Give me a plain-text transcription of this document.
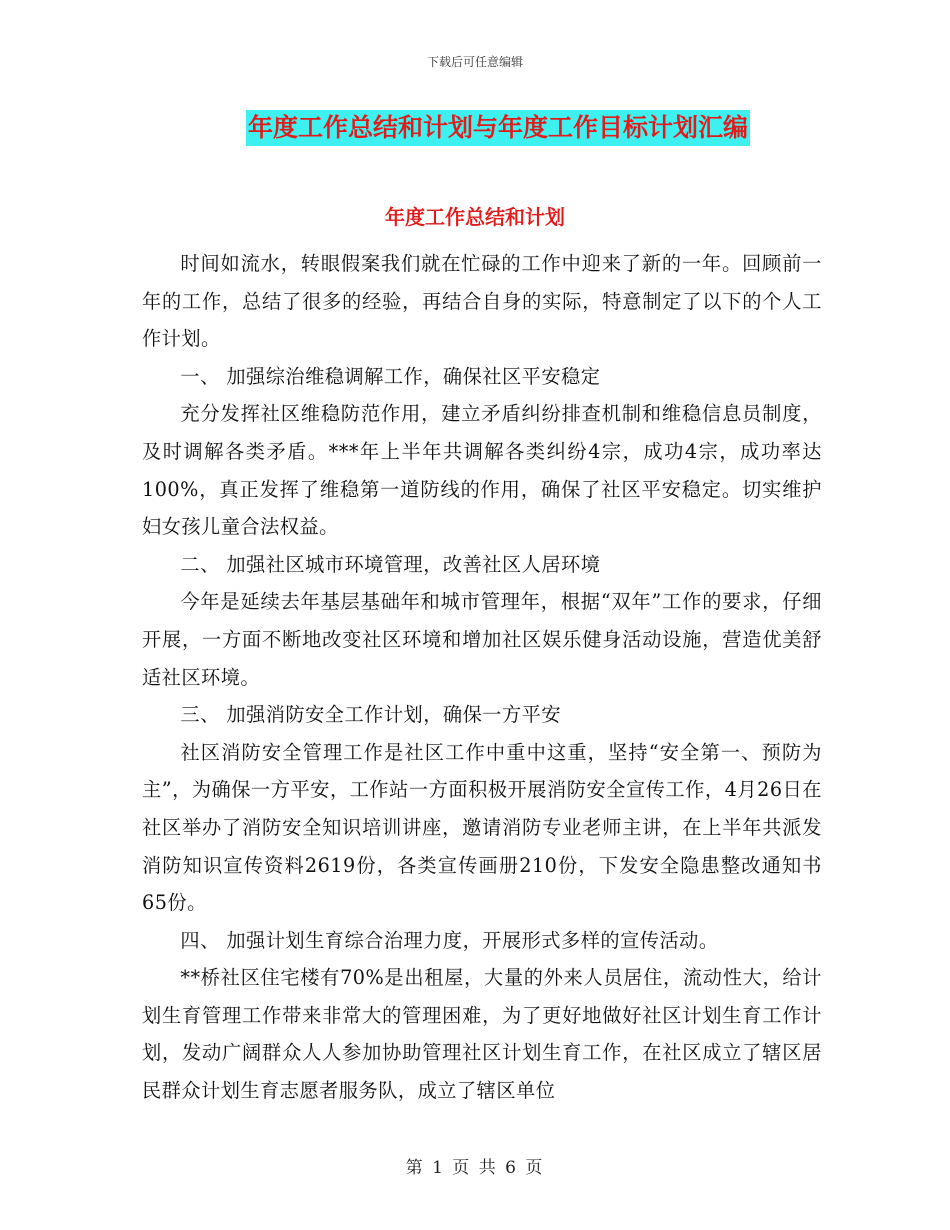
下载后可任意编辑
年度工作总结和计划与年度工作目标计划汇编
年度工作总结和计划

时间如流水，转眼假案我们就在忙碌的工作中迎来了新的一年。回顾前一年的工作，总结了很多的经验，再结合自身的实际，特意制定了以下的个人工作计划。

一、 加强综治维稳调解工作，确保社区平安稳定

充分发挥社区维稳防范作用，建立矛盾纠纷排查机制和维稳信息员制度，及时调解各类矛盾。***年上半年共调解各类纠纷4宗，成功4宗，成功率达100%，真正发挥了维稳第一道防线的作用，确保了社区平安稳定。切实维护妇女孩儿童合法权益。

二、 加强社区城市环境管理，改善社区人居环境

今年是延续去年基层基础年和城市管理年，根据“双年”工作的要求，仔细开展，一方面不断地改变社区环境和增加社区娱乐健身活动设施，营造优美舒适社区环境。

三、 加强消防安全工作计划，确保一方平安

社区消防安全管理工作是社区工作中重中这重，坚持“安全第一、预防为主”，为确保一方平安，工作站一方面积极开展消防安全宣传工作，4月26日在社区举办了消防安全知识培训讲座，邀请消防专业老师主讲，在上半年共派发消防知识宣传资料2619份，各类宣传画册210份，下发安全隐患整改通知书65份。

四、 加强计划生育综合治理力度，开展形式多样的宣传活动。

**桥社区住宅楼有70%是出租屋，大量的外来人员居住，流动性大，给计划生育管理工作带来非常大的管理困难，为了更好地做好社区计划生育工作计划，发动广阔群众人人参加协助管理社区计划生育工作，在社区成立了辖区居民群众计划生育志愿者服务队，成立了辖区单位

第 1 页 共 6 页
